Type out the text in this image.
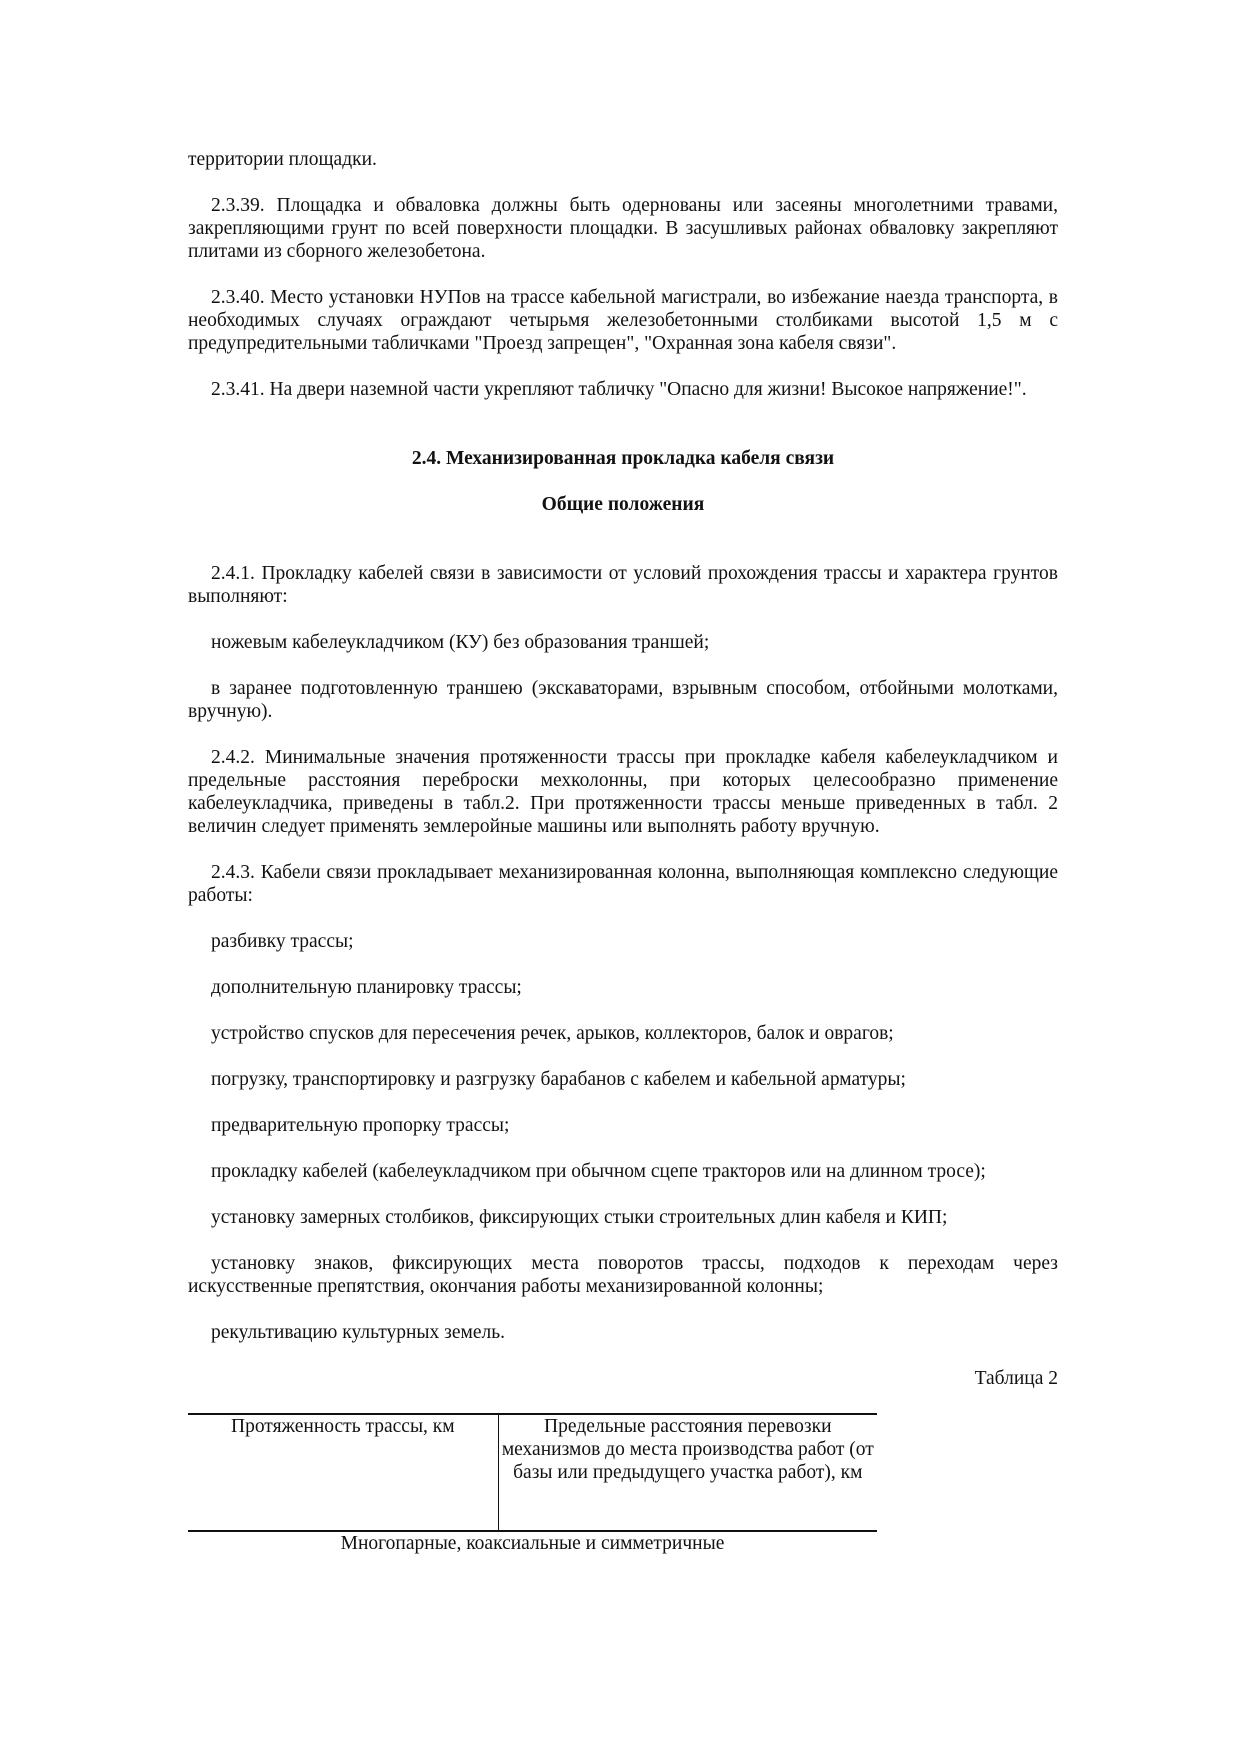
территории площадки.

2.3.39. Площадка и обваловка должны быть одернованы или засеяны многолетними травами, закрепляющими грунт по всей поверхности площадки. В засушливых районах обваловку закрепляют плитами из сборного железобетона.

2.3.40. Место установки НУПов на трассе кабельной магистрали, во избежание наезда транспорта, в необходимых случаях ограждают четырьмя железобетонными столбиками высотой 1,5 м с предупредительными табличками "Проезд запрещен", "Охранная зона кабеля связи".

2.3.41. На двери наземной части укрепляют табличку "Опасно для жизни! Высокое напряжение!".

2.4. Механизированная прокладка кабеля связи
Общие положения

2.4.1. Прокладку кабелей связи в зависимости от условий прохождения трассы и характера грунтов выполняют:

ножевым кабелеукладчиком (КУ) без образования траншей;

в заранее подготовленную траншею (экскаваторами, взрывным способом, отбойными молотками, вручную).

2.4.2. Минимальные значения протяженности трассы при прокладке кабеля кабелеукладчиком и предельные расстояния переброски мехколонны, при которых целесообразно применение кабелеукладчика, приведены в табл.2. При протяженности трассы меньше приведенных в табл. 2 величин следует применять землеройные машины или выполнять работу вручную.

2.4.3. Кабели связи прокладывает механизированная колонна, выполняющая комплексно следующие работы:

разбивку трассы;

дополнительную планировку трассы;

устройство спусков для пересечения речек, арыков, коллекторов, балок и оврагов;

погрузку, транспортировку и разгрузку барабанов с кабелем и кабельной арматуры;

предварительную пропорку трассы;

прокладку кабелей (кабелеукладчиком при обычном сцепе тракторов или на длинном тросе);

установку замерных столбиков, фиксирующих стыки строительных длин кабеля и КИП;

установку знаков, фиксирующих места поворотов трассы, подходов к переходам через искусственные препятствия, окончания работы механизированной колонны;

рекультивацию культурных земель.

Таблица 2
Протяженность трассы, км	Предельные расстояния перевозки механизмов до места производства работ (от базы или предыдущего участка работ), км
Многопарные, коаксиальные и симметричные
